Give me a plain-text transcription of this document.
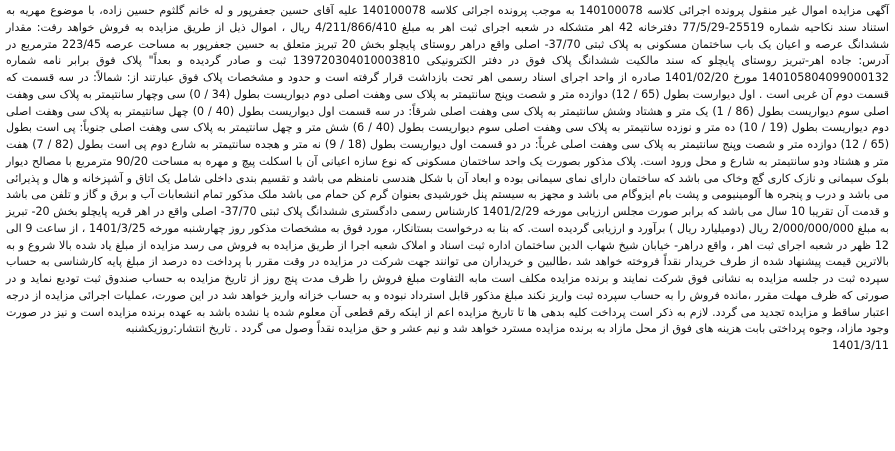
آگهی مزایده اموال غیر منقول پرونده اجرائی کلاسه 140100078 به موجب پرونده اجرائی کلاسه 140100078 علیه آقای حسین جعفرپور و له خانم گلثوم حسین زاده، با موضوع مهریه به استناد سند نکاحیه شماره 25519-77/5/29 دفترخانه 42 اهر متشکله در شعبه اجرای ثبت اهر به مبلغ 4/211/866/410 ریال ، اموال ذیل از طریق مزایده به فروش خواهد رفت: مقدار ششدانگ عرصه و اعیان یک باب ساختمان مسکونی به پلاک ثبتی 37/70- اصلی واقع دراهر روستای پایچلو بخش 20 تبریز متعلق به حسین جعفرپور به مساحت عرصه 223/45 مترمربع در آدرس: جاده اهر-تبریز روستای پایچلو که سند مالکیت ششدانگ پلاک فوق در دفتر الکترونیکی 139720304010003810 ثبت و صادر گردیده و بعداً" پلاک فوق برابر نامه شماره 140105804099000132 مورخ 1401/02/20 صادره از واحد اجرای اسناد رسمی اهر تحت بازداشت قرار گرفته است و حدود و مشخصات پلاک فوق عبارتند از: شمالاً: در سه قسمت که قسمت دوم آن غربی است . اول دیوارست بطول (65 / 12) دوازده متر و شصت وپنج سانتیمتر به پلاک سی وهفت اصلی دوم دیواریست بطول (34 / 0) سی وچهار سانتیمتر به پلاک سی وهفت اصلی سوم دیواریست بطول (86 / 1) یک متر و هشتاد وشش سانتیمتر به پلاک سی وهفت اصلی شرقاً: در سه قسمت اول دیواریست بطول (40 / 0) چهل سانتیمتر به پلاک سی وهفت اصلی دوم دیواریست بطول (19 / 10) ده متر و نوزده سانتیمتر به پلاک سی وهفت اصلی سوم دیواریست بطول (40 / 6) شش متر و چهل سانتیمتر به پلاک سی وهفت اصلی جنوباً: پی است بطول (65 / 12) دوازده متر و شصت وپنج سانتیمتر به پلاک سی وهفت اصلی غرباً: در دو قسمت اول دیواریست بطول (18 / 9) نه متر و هجده سانتیمتر به شارع دوم پی است بطول (82 / 7) هفت متر و هشتاد ودو سانتیمتر به شارع و محل ورود است. پلاک مذکور بصورت یک واحد ساختمان مسکونی که نوع سازه اعیانی آن با اسکلت پیچ و مهره به مساحت 90/20 مترمربع با مصالح دیوار بلوک سیمانی و نازک کاری گچ وخاک می باشد که ساختمان دارای نمای سیمانی بوده و ابعاد آن با شکل هندسی نامنظم می باشد و تقسیم بندی داخلی شامل یک اتاق و آشپزخانه و هال و پذیرائی می باشد و درب و پنجره ها آلومینیومی و پشت بام ایزوگام می باشد و مجهز به سیستم پنل خورشیدی بعنوان گرم کن حمام می باشد ملک مذکور تمام انشعابات آب و برق و گاز و تلفن می باشد و قدمت آن تقریبا 10 سال می باشد که برابر صورت مجلس ارزیابی مورخه 1401/2/29 کارشناس رسمی دادگستری ششدانگ پلاک ثبتی 37/70- اصلی واقع در اهر قریه پایچلو بخش 20- تبریز به مبلغ 2/000/000/000 ریال (دومیلیارد ریال ) برآورد و ارزیابی گردیده است. که بنا به درخواست بستانکار، مورد فوق به مشخصات مذکور روز چهارشنبه مورخه 1401/3/25 ، از ساعت 9 الی 12 ظهر در شعبه اجرای ثبت اهر ، واقع دراهر- خیابان شیخ شهاب الدین ساختمان اداره ثبت اسناد و املاک شعبه اجرا از طریق مزایده به فروش می رسد مزایده از مبلغ یاد شده بالا شروع و به بالاترین قیمت پیشنهاد شده از طرف خریدار نقداً فروخته خواهد شد ،طالبین و خریداران می توانند جهت شرکت در مزایده در وقت مقرر با پرداخت ده درصد از مبلغ پایه کارشناسی به حساب سپرده ثبت در جلسه مزایده به نشانی فوق شرکت نمایند و برنده مزایده مکلف است مابه التفاوت مبلغ فروش را ظرف مدت پنج روز از تاریخ مزایده به حساب صندوق ثبت تودیع نماید و در صورتی که ظرف مهلت مقرر ،مانده فروش را به حساب سپرده ثبت واریز نکند مبلغ مذکور قابل استرداد نبوده و به حساب خزانه واریز خواهد شد در این صورت، عملیات اجرائی مزایده از درجه اعتبار ساقط و مزایده تجدید می گردد. لازم به ذکر است پرداخت کلیه بدهی ها تا تاریخ مزایده اعم از اینکه رقم قطعی آن معلوم شده یا نشده باشد به عهده برنده مزایده است و نیز در صورت وجود مازاد، وجوه پرداختی بابت هزینه های فوق از محل مازاد به برنده مزایده مسترد خواهد شد و نیم عشر و حق مزایده نقداً وصول می گردد . تاریخ انتشار:روزیکشنبه
1401/3/11
